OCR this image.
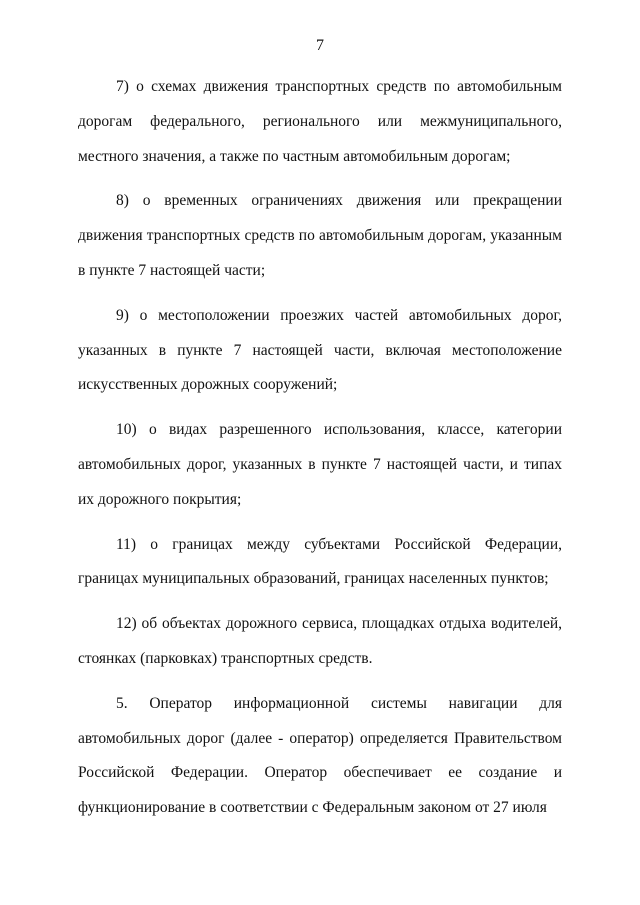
7

7) о схемах движения транспортных средств по автомобильным дорогам федерального, регионального или межмуниципального, местного значения, а также по частным автомобильным дорогам;

8) о временных ограничениях движения или прекращении движения транспортных средств по автомобильным дорогам, указанным в пункте 7 настоящей части;

9) о местоположении проезжих частей автомобильных дорог, указанных в пункте 7 настоящей части, включая местоположение искусственных дорожных сооружений;

10) о видах разрешенного использования, классе, категории автомобильных дорог, указанных в пункте 7 настоящей части, и типах их дорожного покрытия;

11) о границах между субъектами Российской Федерации, границах муниципальных образований, границах населенных пунктов;

12) об объектах дорожного сервиса, площадках отдыха водителей, стоянках (парковках) транспортных средств.

5. Оператор информационной системы навигации для автомобильных дорог (далее - оператор) определяется Правительством Российской Федерации. Оператор обеспечивает ее создание и функционирование в соответствии с Федеральным законом от 27 июля
